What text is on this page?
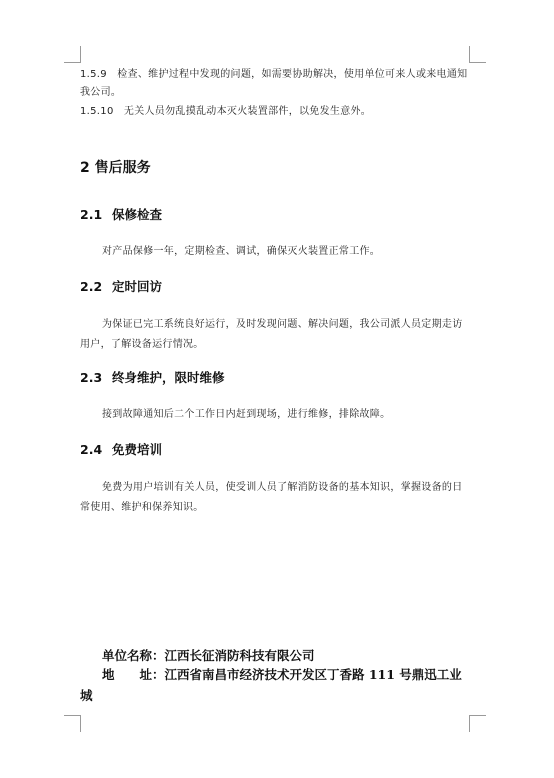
1.5.9　检查、维护过程中发现的问题，如需要协助解决，使用单位可来人或来电通知我公司。

1.5.10　无关人员勿乱摸乱动本灭火装置部件，以免发生意外。

2 售后服务

2.1 保修检查

对产品保修一年，定期检查、调试，确保灭火装置正常工作。

2.2 定时回访

为保证已完工系统良好运行，及时发现问题、解决问题，我公司派人员定期走访用户，了解设备运行情况。

2.3 终身维护，限时维修

接到故障通知后二个工作日内赶到现场，进行维修，排除故障。

2.4 免费培训

免费为用户培训有关人员，使受训人员了解消防设备的基本知识，掌握设备的日常使用、维护和保养知识。

单位名称：江西长征消防科技有限公司

地　　址：江西省南昌市经济技术开发区丁香路 111 号鼎迅工业城
